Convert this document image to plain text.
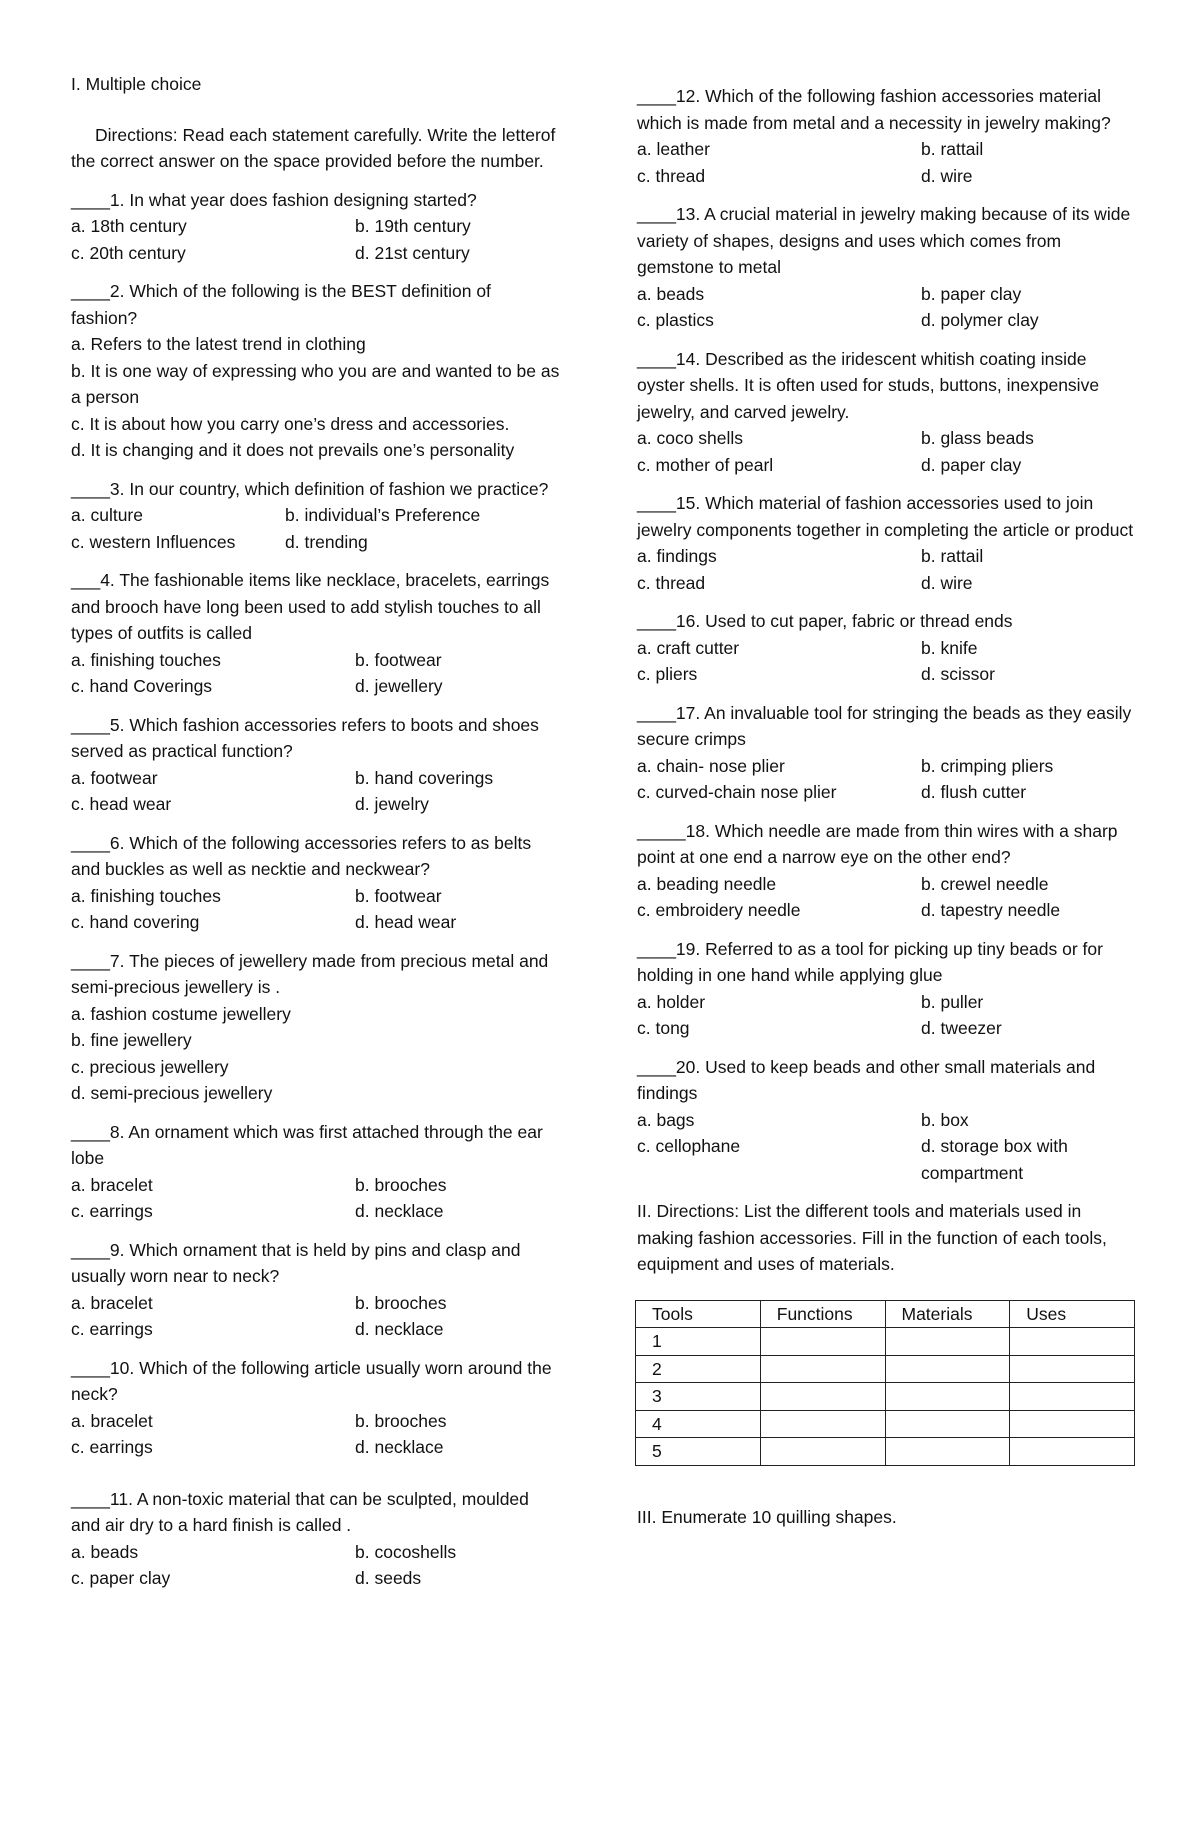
I. Multiple choice

Directions: Read each statement carefully. Write the letterof the correct answer on the space provided before the number.

____1. In what year does fashion designing started?

a. 18th century	b. 19th century
c. 20th century	d. 21st century

____2. Which of the following is the BEST definition of fashion?

a. Refers to the latest trend in clothing

b. It is one way of expressing who you are and wanted to be as a person

c. It is about how you carry one’s dress and accessories.

d. It is changing and it does not prevails one’s personality

____3. In our country, which definition of fashion we practice?

a. culture	b. individual’s Preference
c. western Influences	d. trending

___4. The fashionable items like necklace, bracelets, earrings and brooch have long been used to add stylish touches to all types of outfits is called

a. finishing touches	b. footwear
c. hand Coverings	d. jewellery

____5. Which fashion accessories refers to boots and shoes served as practical function?

a. footwear	b. hand coverings
c. head wear	d. jewelry

____6. Which of the following accessories refers to as belts and buckles as well as necktie and neckwear?

a. finishing touches	b. footwear
c. hand covering	d. head wear

____7. The pieces of jewellery made from precious metal and semi-precious jewellery is .

a. fashion costume jewellery

b. fine jewellery

c. precious jewellery

d. semi-precious jewellery

____8. An ornament which was first attached through the ear lobe

a. bracelet	b. brooches
c. earrings	d. necklace

____9. Which ornament that is held by pins and clasp and usually worn near to neck?

a. bracelet	b. brooches
c. earrings	d. necklace

____10. Which of the following article usually worn around the neck?

a. bracelet	b. brooches
c. earrings	d. necklace

____11. A non-toxic material that can be sculpted, moulded and air dry to a hard finish is called .

a. beads	b. cocoshells
c. paper clay	d. seeds

____12. Which of the following fashion accessories material which is made from metal and a necessity in jewelry making?

a. leather	b. rattail
c. thread	d. wire

____13. A crucial material in jewelry making because of its wide variety of shapes, designs and uses which comes from gemstone to metal

a. beads	b. paper clay
c. plastics	d. polymer clay

____14. Described as the iridescent whitish coating inside oyster shells. It is often used for studs, buttons, inexpensive jewelry, and carved jewelry.

a. coco shells	b. glass beads
c. mother of pearl	d. paper clay

____15. Which material of fashion accessories used to join jewelry components together in completing the article or product

a. findings	b. rattail
c. thread	d. wire

____16. Used to cut paper, fabric or thread ends

a. craft cutter	b. knife
c. pliers	d. scissor

____17. An invaluable tool for stringing the beads as they easily secure crimps

a. chain- nose plier	b. crimping pliers
c. curved-chain nose plier	d. flush cutter

_____18. Which needle are made from thin wires with a sharp point at one end a narrow eye on the other end?

a. beading needle	b. crewel needle
c. embroidery needle	d. tapestry needle

____19. Referred to as a tool for picking up tiny beads or for holding in one hand while applying glue

a. holder	b. puller
c. tong	d. tweezer

____20. Used to keep beads and other small materials and findings

a. bags	b. box
c. cellophane	d. storage box with compartment

II. Directions: List the different tools and materials used in making fashion accessories. Fill in the function of each tools, equipment and uses of materials.

Tools	Functions	Materials	Uses
1			
2			
3			
4			
5			

III. Enumerate 10 quilling shapes.
